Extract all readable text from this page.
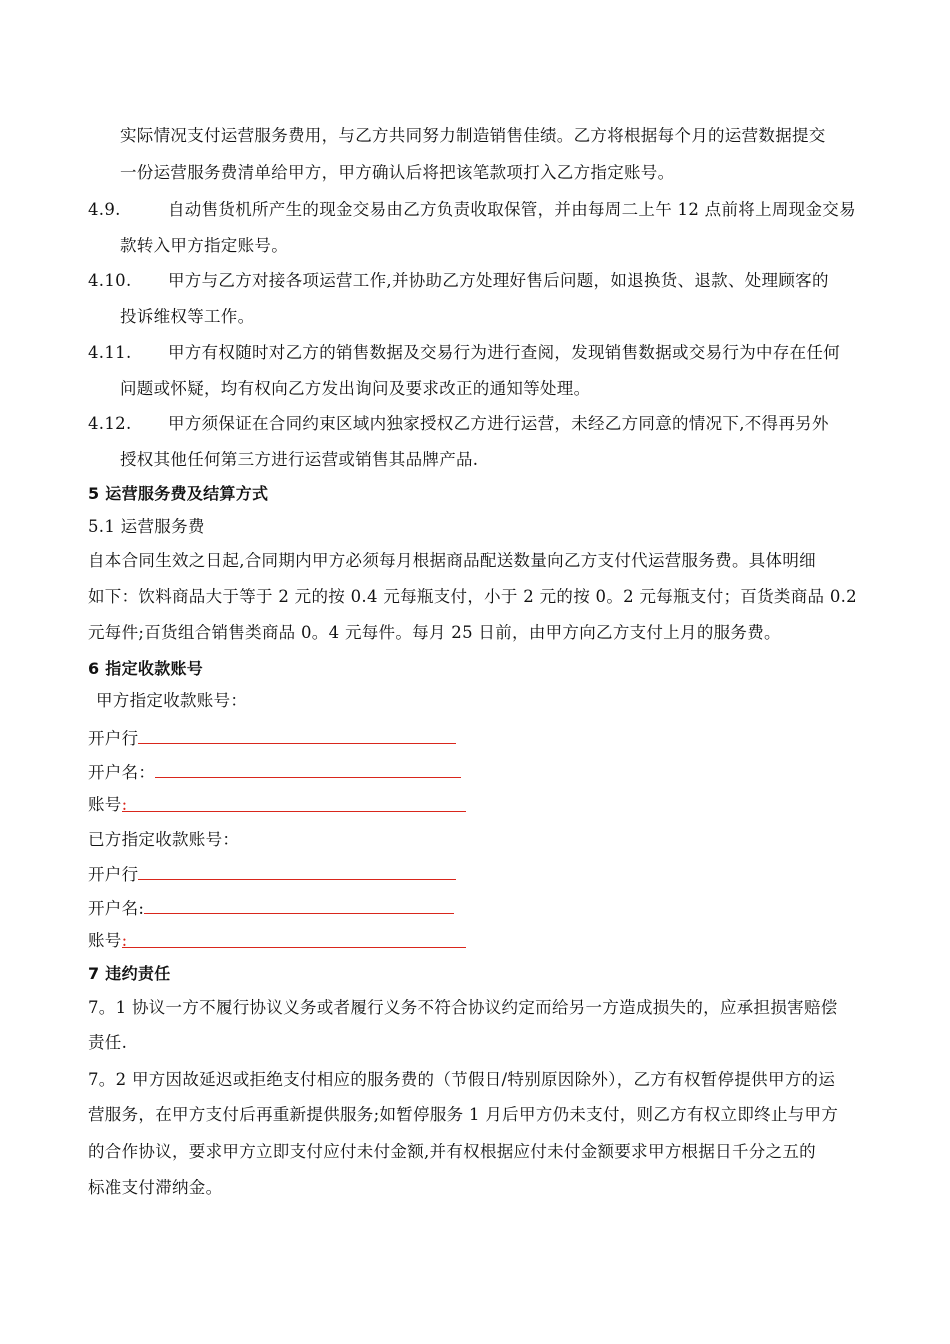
实际情况支付运营服务费用，与乙方共同努力制造销售佳绩。乙方将根据每个月的运营数据提交
一份运营服务费清单给甲方，甲方确认后将把该笔款项打入乙方指定账号。
4.9.	自动售货机所产生的现金交易由乙方负责收取保管，并由每周二上午 12 点前将上周现金交易
款转入甲方指定账号。
4.10. 甲方与乙方对接各项运营工作,并协助乙方处理好售后问题，如退换货、退款、处理顾客的
投诉维权等工作。
4.11. 甲方有权随时对乙方的销售数据及交易行为进行查阅，发现销售数据或交易行为中存在任何
问题或怀疑，均有权向乙方发出询问及要求改正的通知等处理。
4.12. 甲方须保证在合同约束区域内独家授权乙方进行运营，未经乙方同意的情况下,不得再另外
授权其他任何第三方进行运营或销售其品牌产品.
5 运营服务费及结算方式
5.1 运营服务费
自本合同生效之日起,合同期内甲方必须每月根据商品配送数量向乙方支付代运营服务费。具体明细
如下：饮料商品大于等于 2 元的按 0.4 元每瓶支付，小于 2 元的按 0。2 元每瓶支付；百货类商品 0.2
元每件;百货组合销售类商品 0。4 元每件。每月 25 日前，由甲方向乙方支付上月的服务费。
6 指定收款账号
甲方指定收款账号：
开户行
开户名：
账号:
已方指定收款账号：
开户行
开户名:
账号:
7 违约责任
7。1 协议一方不履行协议义务或者履行义务不符合协议约定而给另一方造成损失的，应承担损害赔偿
责任.
7。2 甲方因故延迟或拒绝支付相应的服务费的（节假日/特别原因除外），乙方有权暂停提供甲方的运
营服务，在甲方支付后再重新提供服务;如暂停服务 1 月后甲方仍未支付，则乙方有权立即终止与甲方
的合作协议，要求甲方立即支付应付未付金额,并有权根据应付未付金额要求甲方根据日千分之五的
标准支付滞纳金。
